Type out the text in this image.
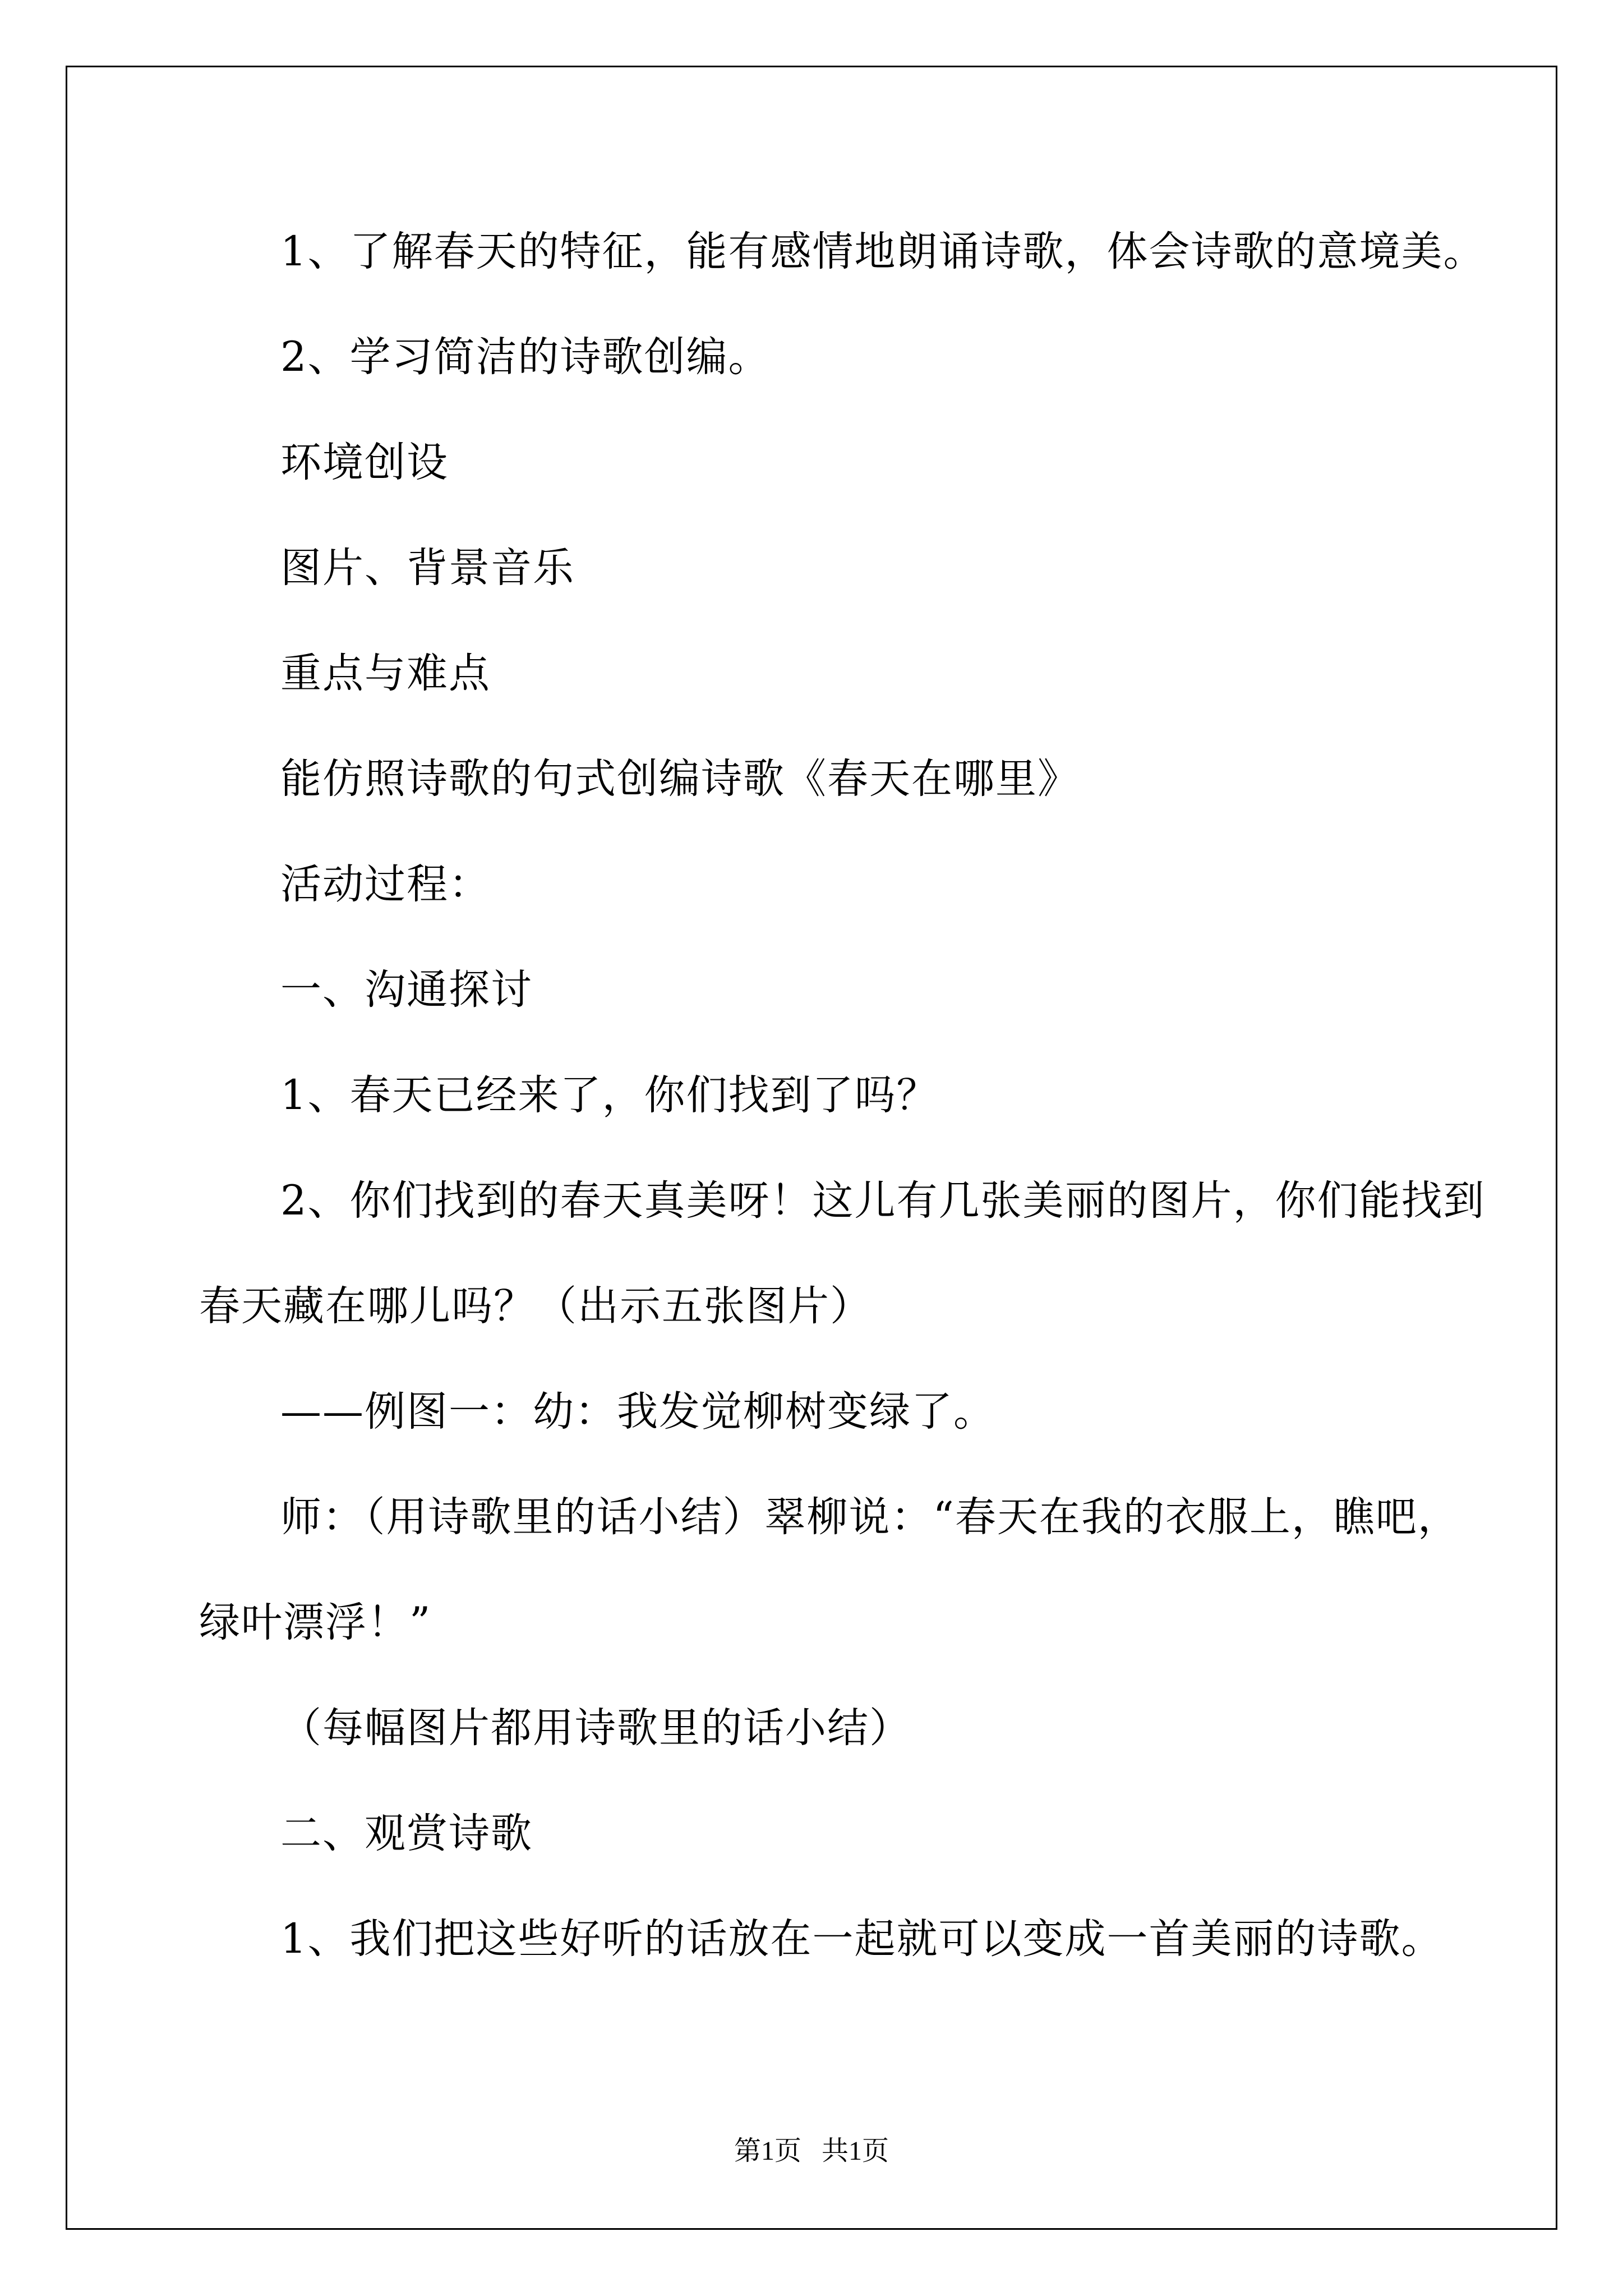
1、了解春天的特征，能有感情地朗诵诗歌，体会诗歌的意境美。
2、学习简洁的诗歌创编。
环境创设
图片、背景音乐
重点与难点
能仿照诗歌的句式创编诗歌《春天在哪里》
活动过程：
一、沟通探讨
1、春天已经来了，你们找到了吗？
2、你们找到的春天真美呀！这儿有几张美丽的图片，你们能找到
春天藏在哪儿吗？（出示五张图片）
——例图一：幼：我发觉柳树变绿了。
师：（用诗歌里的话小结）翠柳说：“春天在我的衣服上，瞧吧，
绿叶漂浮！”
（每幅图片都用诗歌里的话小结）
二、观赏诗歌
1、我们把这些好听的话放在一起就可以变成一首美丽的诗歌。
第1页   共1页
